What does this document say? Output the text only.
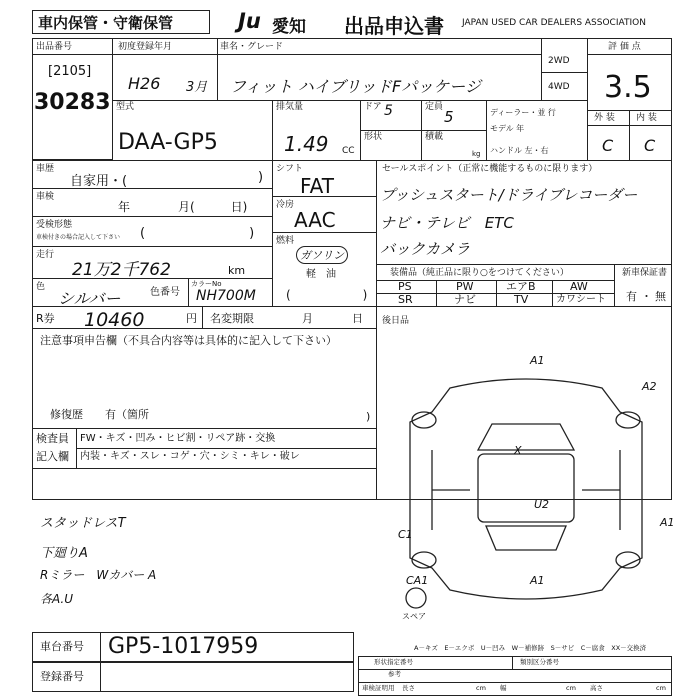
車内保管・守衛保管	Ju 愛知 出品申込書 JAPAN USED CAR DEALERS ASSOCIATION
出品番号
[2105]
30283
初度登録年月	車名・グレード
H26 3月 フィット ハイブリッドFパッケージ
2WD
4WD
評 価 点
3.5
型式
DAA-GP5
排気量
1.49 CC
ドア 5	定員
5
形状	積載
kg
ディーラー・並 行
モデル 年
ハンドル 左・右
外 装 内 装
C C
車歴
自家用・(	)
車検
年　　　　月(　　　日)
受検形態
車検付きの場合記入して下さい (　　　　　　　　)
走行
21万2千762	km
色
シルバー	色番号
カラーNo
NH700M
シフト
FAT
冷房
AAC
燃料
ガソリン
軽　油
(　　　　　　)
セールスポイント（正常に機能するものに限ります）
プッシュスタート/ドライブレコーダー
ナビ・テレビ　ETC
バックカメラ
装備品（純正品に限り○をつけてください）	新車保証書
有 ・ 無
PS	PW	エアB	AW
SR	ナビ	TV	カワシート
R券 10460	円 名変期限	月	日 後日品
注意事項申告欄（不具合内容等は具体的に記入して下さい）
修復歴　　有（箇所	)
検査員
記入欄
FW・キズ・凹み・ヒビ割・リペア跡・交換
内装・キズ・スレ・コゲ・穴・シミ・キレ・破レ
スタッドレスT
下廻りA
Rミラー　Wカバー A
各A.U
スペア
A1
A2
X
U2
C1
A1
CA1	A1
A－キズ　E－エクボ　U－凹み　W－補修跡　S－サビ　C－腐食　XX－交換済
車台番号 GP5-1017959
登録番号
形状指定番号	類別区分番号
参考
車検証明用 長さ	cm 幅	cm 高さ	cm
